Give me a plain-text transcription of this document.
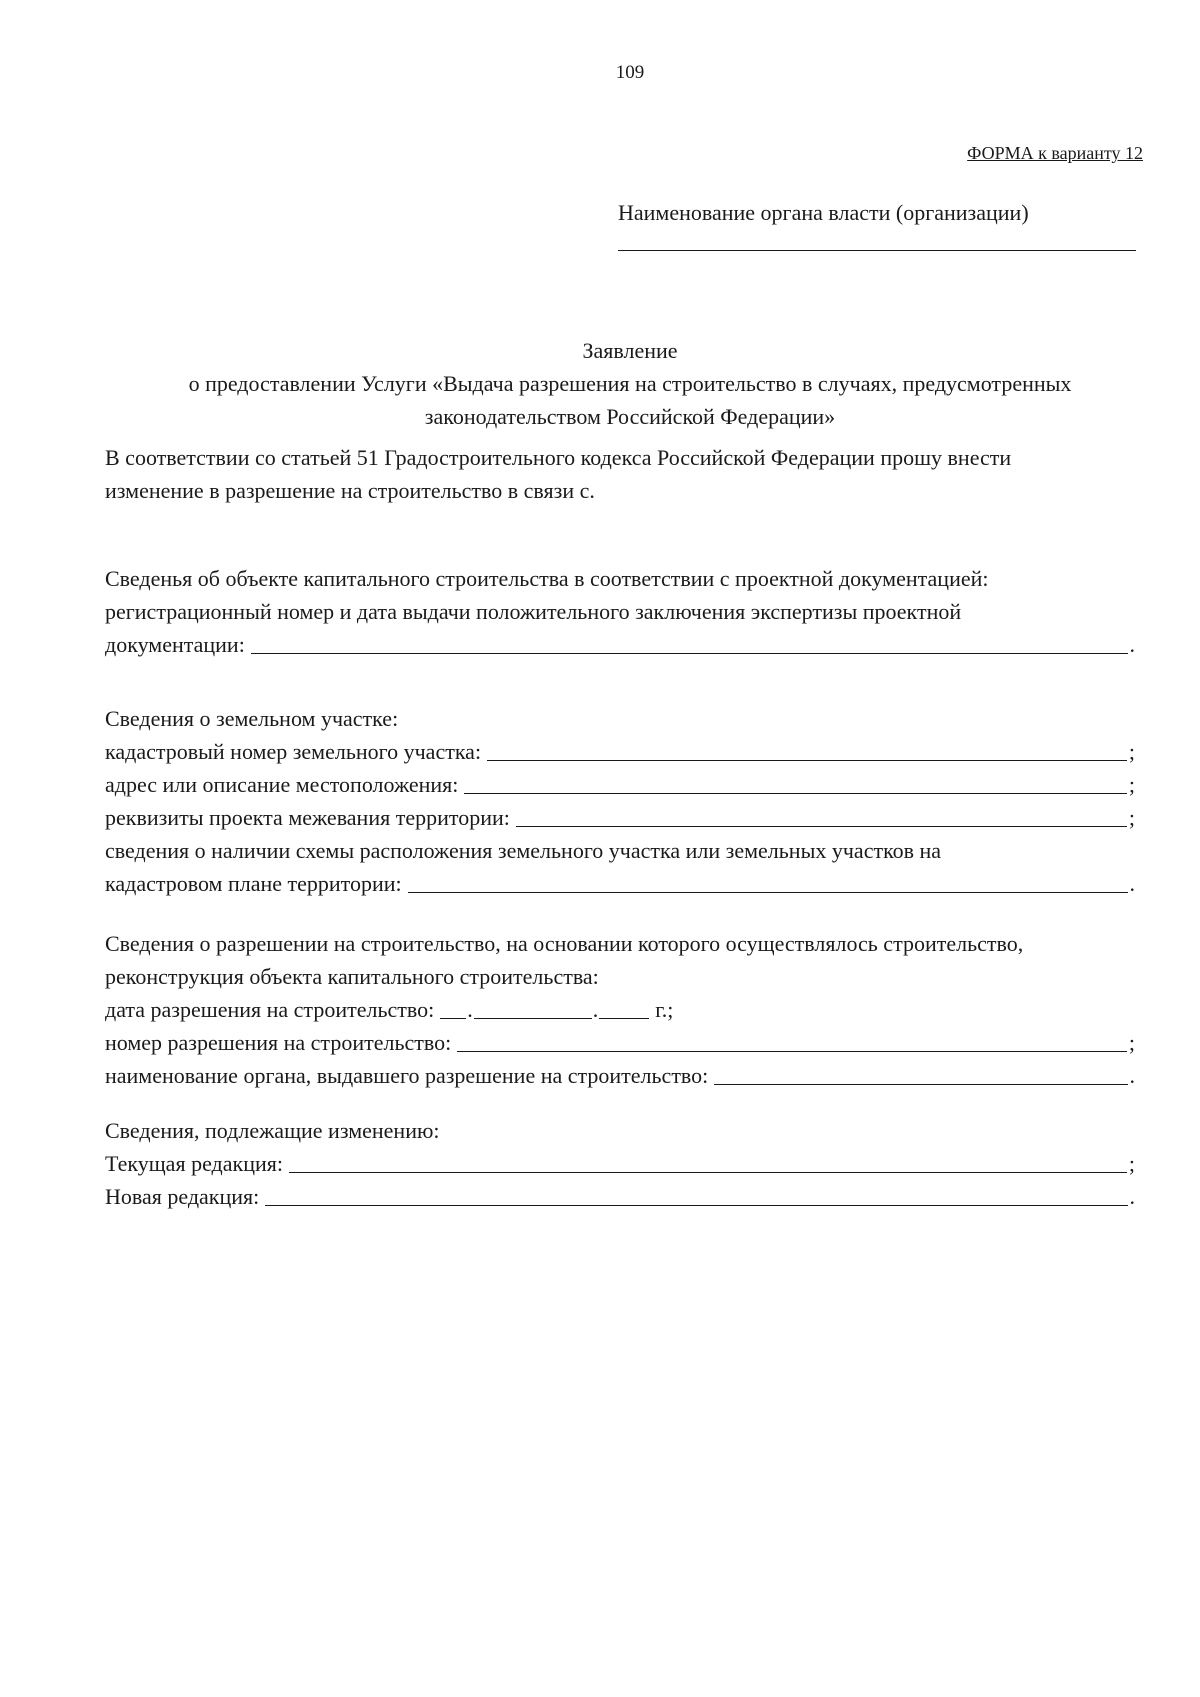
109
ФОРМА к варианту 12
Наименование органа власти (организации)
Заявление
о предоставлении Услуги «Выдача разрешения на строительство в случаях, предусмотренных
законодательством Российской Федерации»
В соответствии со статьей 51 Градостроительного кодекса Российской Федерации прошу внести
изменение в разрешение на строительство в связи с.
Сведенья об объекте капитального строительства в соответствии с проектной документацией:
регистрационный номер и дата выдачи положительного заключения экспертизы проектной
документации:	.
Сведения о земельном участке:
кадастровый номер земельного участка:	;
адрес или описание местоположения:	;
реквизиты проекта межевания территории:	;
сведения о наличии схемы расположения земельного участка или земельных участков на
кадастровом плане территории:	.
Сведения о разрешении на строительство, на основании которого осуществлялось строительство,
реконструкция объекта капитального строительства:
дата разрешения на строительство: .	.	г.;
номер разрешения на строительство:	;
наименование органа, выдавшего разрешение на строительство:	.
Сведения, подлежащие изменению:
Текущая редакция:	;
Новая редакция:	.
